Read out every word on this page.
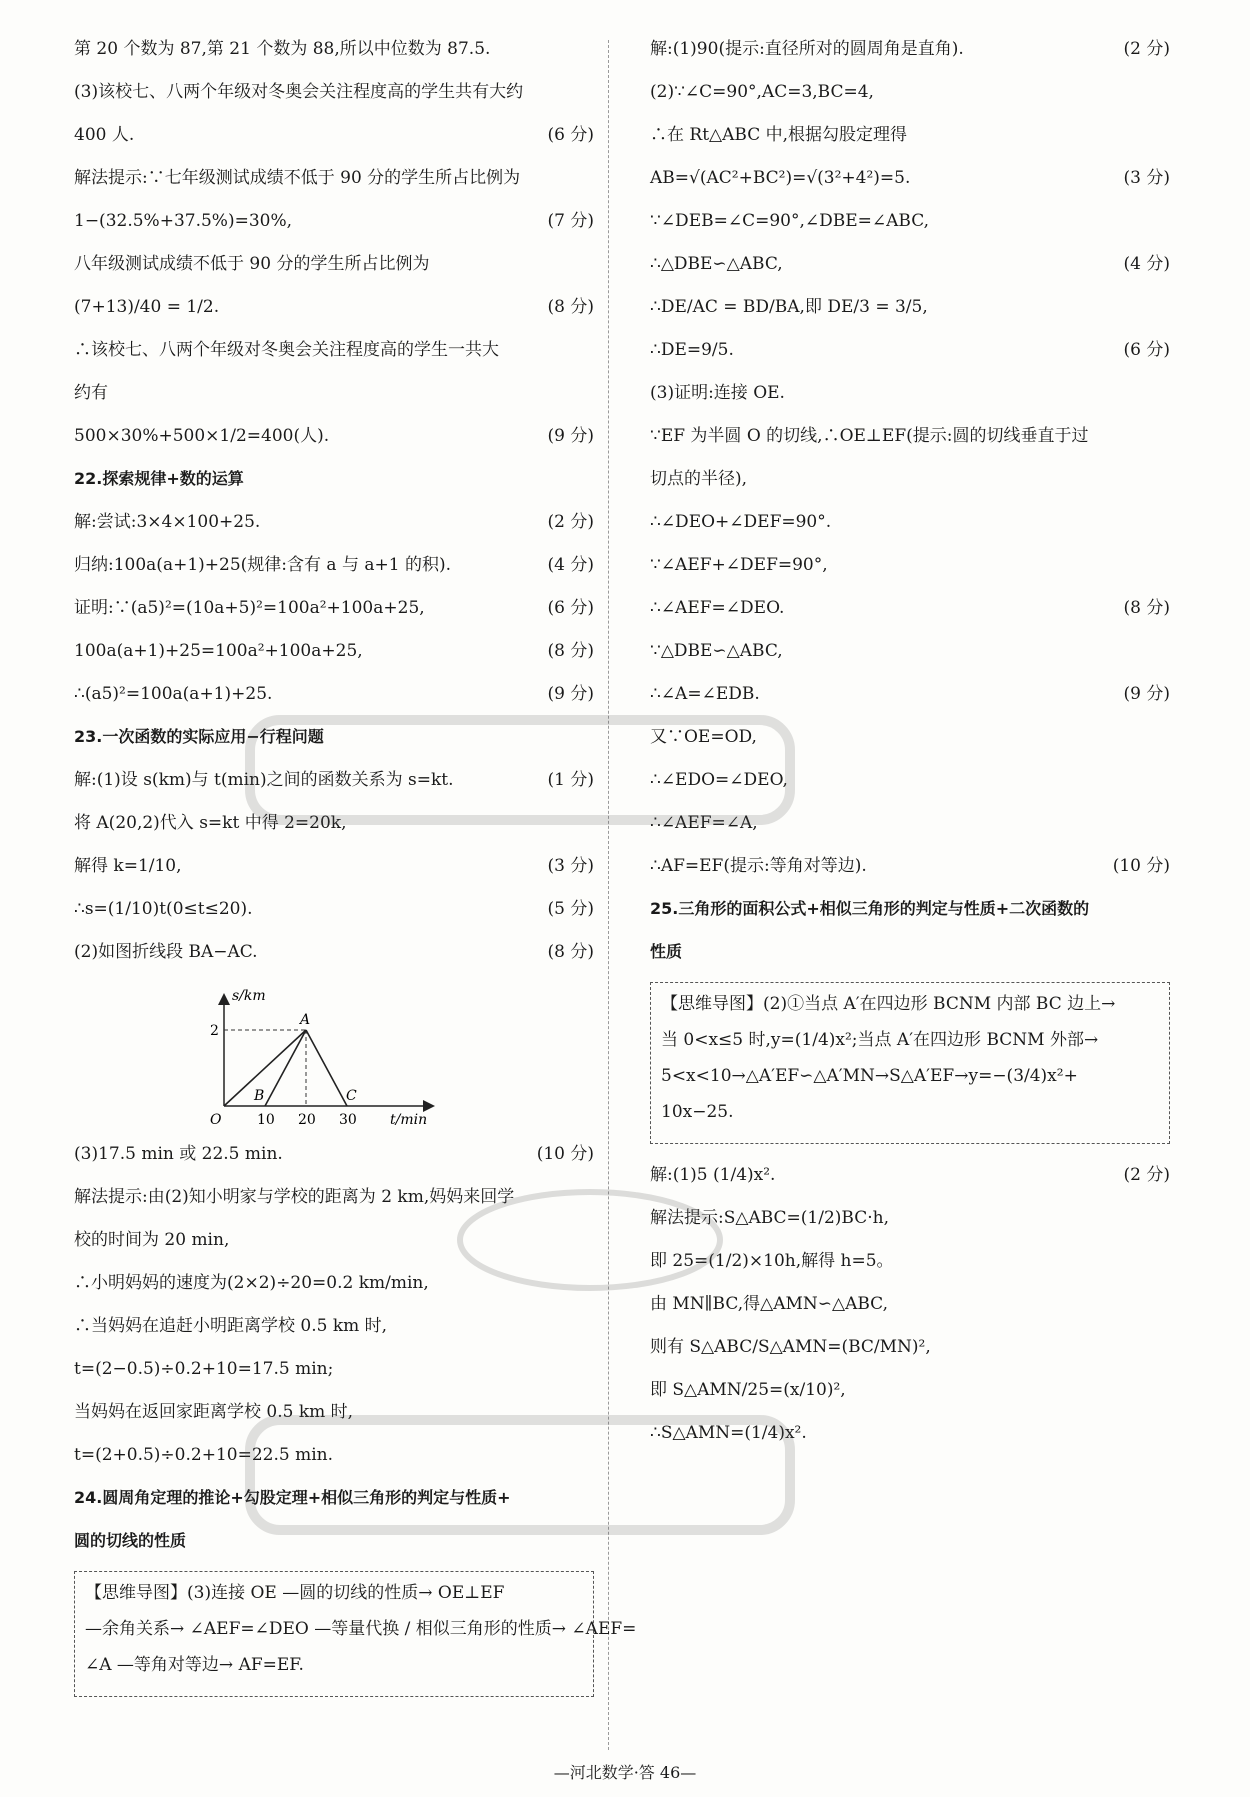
第 20 个数为 87,第 21 个数为 88,所以中位数为 87.5.
(3)该校七、八两个年级对冬奥会关注程度高的学生共有大约
400 人.	(6 分)
解法提示:∵七年级测试成绩不低于 90 分的学生所占比例为
1−(32.5%+37.5%)=30%,	(7 分)
八年级测试成绩不低于 90 分的学生所占比例为
(7+13)/40 = 1/2.	(8 分)
∴该校七、八两个年级对冬奥会关注程度高的学生一共大
约有
500×30%+500×1/2=400(人).	(9 分)
22.探索规律+数的运算
解:尝试:3×4×100+25.	(2 分)
归纳:100a(a+1)+25(规律:含有 a 与 a+1 的积).	(4 分)
证明:∵(a5)²=(10a+5)²=100a²+100a+25,	(6 分)
100a(a+1)+25=100a²+100a+25,	(8 分)
∴(a5)²=100a(a+1)+25.	(9 分)
23.一次函数的实际应用−行程问题
解:(1)设 s(km)与 t(min)之间的函数关系为 s=kt.	(1 分)
将 A(20,2)代入 s=kt 中得 2=20k,
解得 k=1/10,	(3 分)
∴s=(1/10)t(0≤t≤20).	(5 分)
(2)如图折线段 BA−AC.	(8 分)
s/km
t/min
O
2
10 20 30
A
B	C
(3)17.5 min 或 22.5 min.	(10 分)
解法提示:由(2)知小明家与学校的距离为 2 km,妈妈来回学
校的时间为 20 min,
∴小明妈妈的速度为(2×2)÷20=0.2 km/min,
∴当妈妈在追赶小明距离学校 0.5 km 时,
t=(2−0.5)÷0.2+10=17.5 min;
当妈妈在返回家距离学校 0.5 km 时,
t=(2+0.5)÷0.2+10=22.5 min.
24.圆周角定理的推论+勾股定理+相似三角形的判定与性质+
圆的切线的性质
【思维导图】(3)连接 OE —圆的切线的性质→ OE⊥EF
—余角关系→ ∠AEF=∠DEO —等量代换 / 相似三角形的性质→ ∠AEF=
∠A —等角对等边→ AF=EF.
解:(1)90(提示:直径所对的圆周角是直角).	(2 分)
(2)∵∠C=90°,AC=3,BC=4,
∴在 Rt△ABC 中,根据勾股定理得
AB=√(AC²+BC²)=√(3²+4²)=5.	(3 分)
∵∠DEB=∠C=90°,∠DBE=∠ABC,
∴△DBE∽△ABC,	(4 分)
∴DE/AC = BD/BA,即 DE/3 = 3/5,
∴DE=9/5.	(6 分)
(3)证明:连接 OE.
∵EF 为半圆 O 的切线,∴OE⊥EF(提示:圆的切线垂直于过
切点的半径),
∴∠DEO+∠DEF=90°.
∵∠AEF+∠DEF=90°,
∴∠AEF=∠DEO.	(8 分)
∵△DBE∽△ABC,
∴∠A=∠EDB.	(9 分)
又∵OE=OD,
∴∠EDO=∠DEO,
∴∠AEF=∠A,
∴AF=EF(提示:等角对等边).	(10 分)
25.三角形的面积公式+相似三角形的判定与性质+二次函数的
性质
【思维导图】(2)①当点 A′在四边形 BCNM 内部 BC 边上→
当 0<x≤5 时,y=(1/4)x²;当点 A′在四边形 BCNM 外部→
5<x<10→△A′EF∽△A′MN→S△A′EF→y=−(3/4)x²+
10x−25.
解:(1)5 (1/4)x².	(2 分)
解法提示:S△ABC=(1/2)BC·h,
即 25=(1/2)×10h,解得 h=5。
由 MN∥BC,得△AMN∽△ABC,
则有 S△ABC/S△AMN=(BC/MN)²,
即 S△AMN/25=(x/10)²,
∴S△AMN=(1/4)x².
—河北数学·答 46—
